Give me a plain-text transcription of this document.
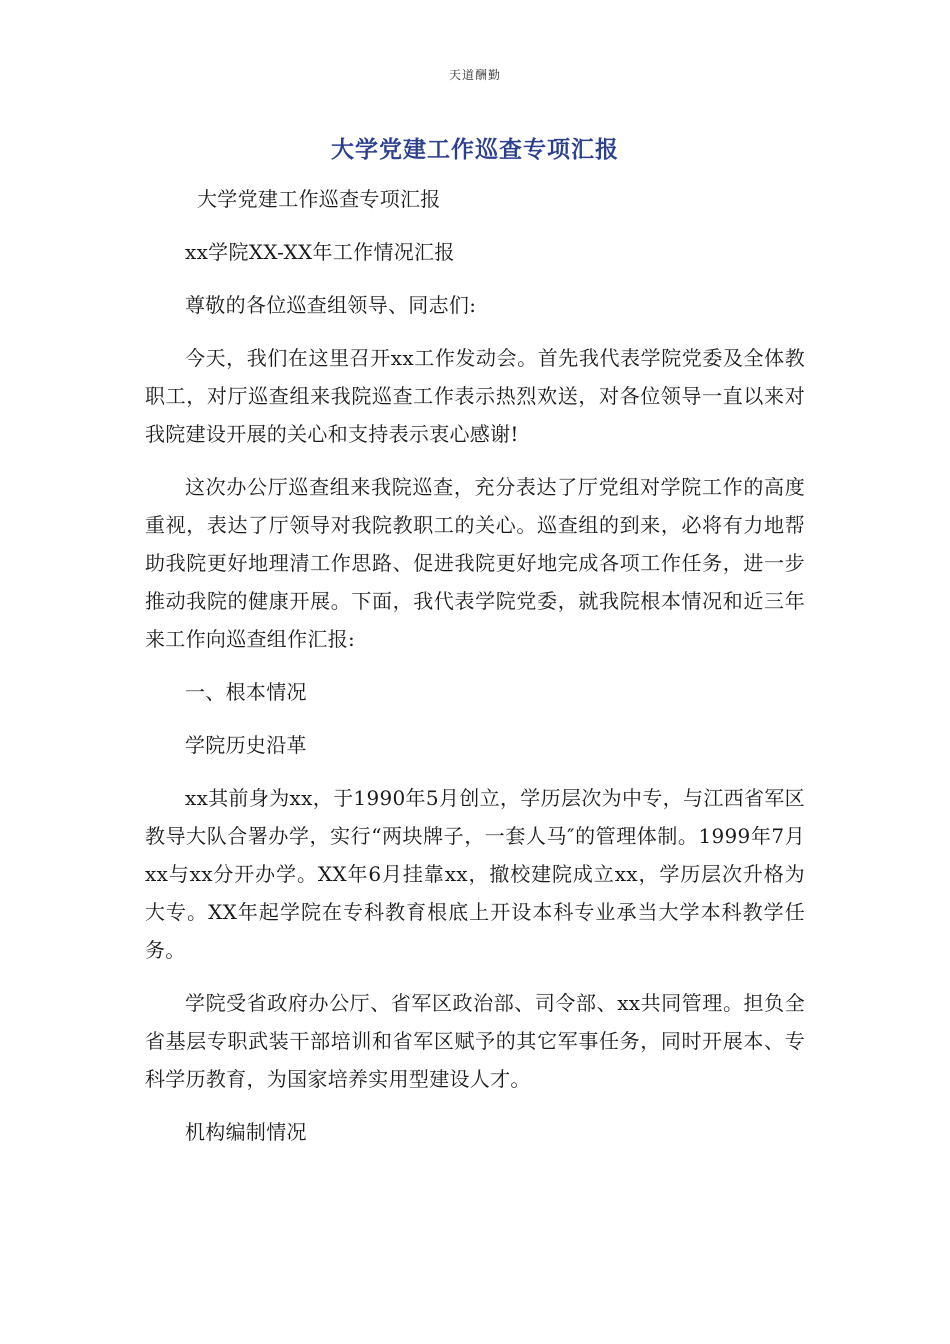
天道酬勤
大学党建工作巡查专项汇报

大学党建工作巡查专项汇报

xx学院XX-XX年工作情况汇报

尊敬的各位巡查组领导、同志们:

今天，我们在这里召开xx工作发动会。首先我代表学院党委及全体教职工，对厅巡查组来我院巡查工作表示热烈欢送，对各位领导一直以来对我院建设开展的关心和支持表示衷心感谢!

这次办公厅巡查组来我院巡查，充分表达了厅党组对学院工作的高度重视，表达了厅领导对我院教职工的关心。巡查组的到来，必将有力地帮助我院更好地理清工作思路、促进我院更好地完成各项工作任务，进一步推动我院的健康开展。下面，我代表学院党委，就我院根本情况和近三年来工作向巡查组作汇报:

一、根本情况

学院历史沿革

xx其前身为xx，于1990年5月创立，学历层次为中专，与江西省军区教导大队合署办学，实行“两块牌子，一套人马″的管理体制。1999年7月xx与xx分开办学。XX年6月挂靠xx，撤校建院成立xx，学历层次升格为大专。XX年起学院在专科教育根底上开设本科专业承当大学本科教学任务。

学院受省政府办公厅、省军区政治部、司令部、xx共同管理。担负全省基层专职武装干部培训和省军区赋予的其它军事任务，同时开展本、专科学历教育，为国家培养实用型建设人才。

机构编制情况
